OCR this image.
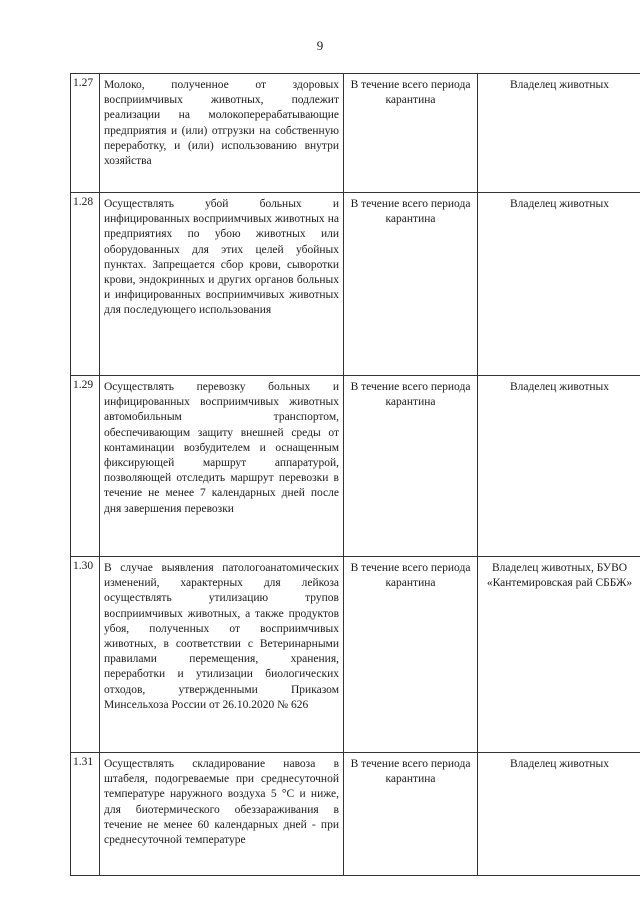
9
1.27	Молоко, полученное от здоровых восприимчивых животных, подлежит реализации на молокоперерабатывающие предприятия и (или) отгрузки на собственную переработку, и (или) использованию внутри хозяйства	В течение всего периода карантина	Владелец животных
1.28	Осуществлять убой больных и инфицированных восприимчивых животных на предприятиях по убою животных или оборудованных для этих целей убойных пунктах. Запрещается сбор крови, сыворотки крови, эндокринных и других органов больных и инфицированных восприимчивых животных для последующего использования	В течение всего периода карантина	Владелец животных
1.29	Осуществлять перевозку больных и инфицированных восприимчивых животных автомобильным транспортом, обеспечивающим защиту внешней среды от контаминации возбудителем и оснащенным фиксирующей маршрут аппаратурой, позволяющей отследить маршрут перевозки в течение не менее 7 календарных дней после дня завершения перевозки	В течение всего периода карантина	Владелец животных
1.30	В случае выявления патологоанатомических изменений, характерных для лейкоза осуществлять утилизацию трупов восприимчивых животных, а также продуктов убоя, полученных от восприимчивых животных, в соответствии с Ветеринарными правилами перемещения, хранения, переработки и утилизации биологических отходов, утвержденными Приказом Минсельхоза России от 26.10.2020 № 626	В течение всего периода карантина	Владелец животных, БУВО «Кантемировская рай СББЖ»
1.31	Осуществлять складирование навоза в штабеля, подогреваемые при среднесуточной температуре наружного воздуха 5 °С и ниже, для биотермического обеззараживания в течение не менее 60 календарных дней - при среднесуточной температуре	В течение всего периода карантина	Владелец животных
